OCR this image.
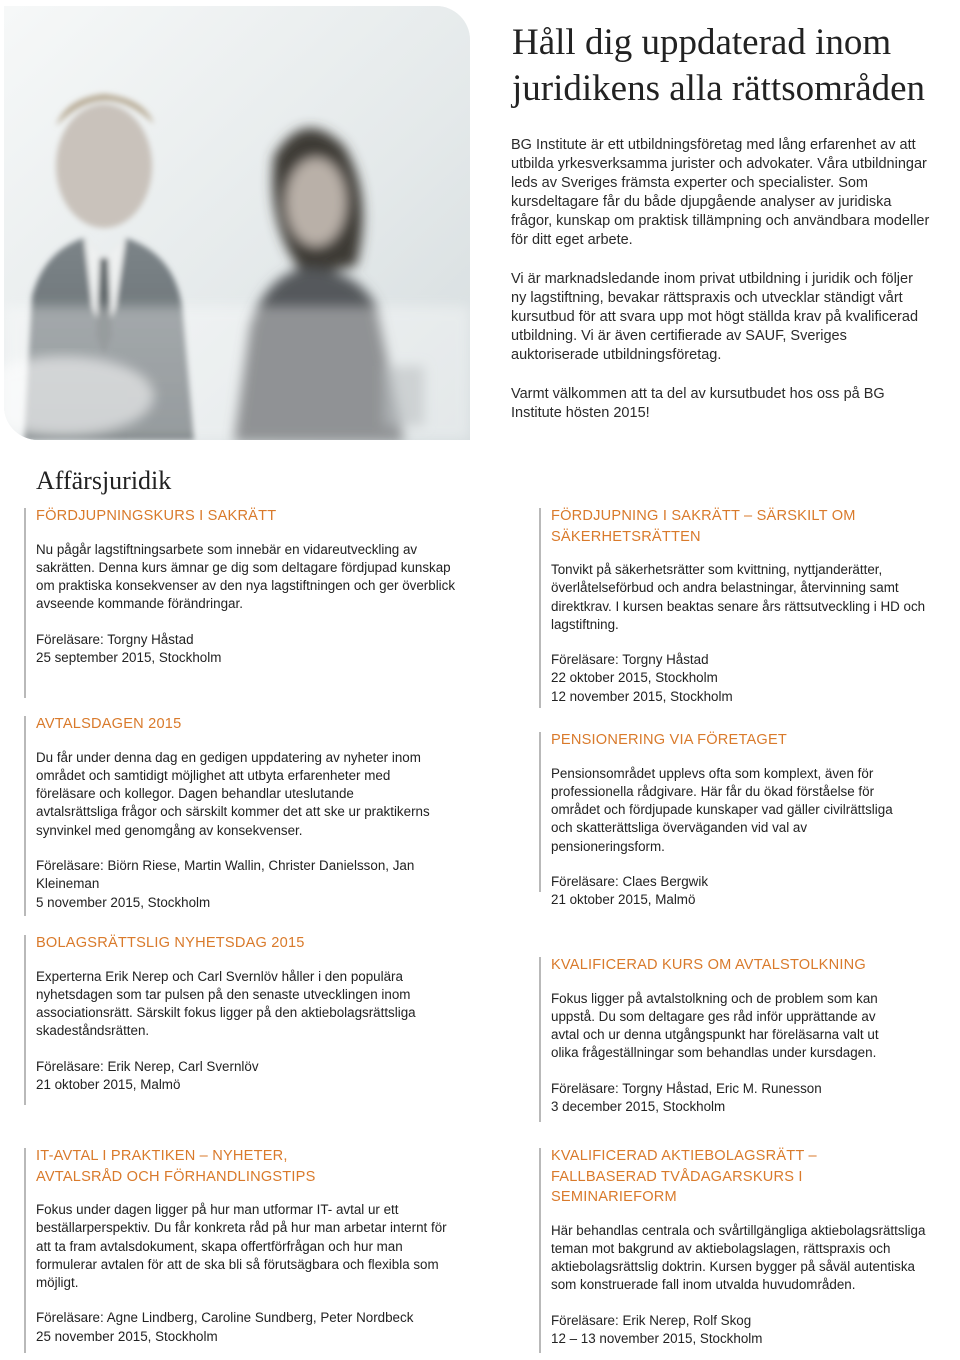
Håll dig uppdaterad inom juridikens alla rättsområden

BG Institute är ett utbildningsföretag med lång erfarenhet av att utbilda yrkesverksamma jurister och advokater. Våra utbildningar leds av Sveriges främsta experter och specialister. Som kursdeltagare får du både djupgående analyser av juridiska frågor, kunskap om praktisk tillämpning och användbara modeller för ditt eget arbete.

Vi är marknadsledande inom privat utbildning i juridik och följer ny lagstiftning, bevakar rättspraxis och utvecklar ständigt vårt kursutbud för att svara upp mot högt ställda krav på kvalificerad utbildning. Vi är även certifierade av SAUF, Sveriges auktoriserade utbildningsföretag.

Varmt välkommen att ta del av kursutbudet hos oss på BG Institute hösten 2015!

Affärsjuridik
FÖRDJUPNINGSKURS I SAKRÄTT

Nu pågår lagstiftningsarbete som innebär en vidareutveckling av sakrätten. Denna kurs ämnar ge dig som deltagare fördjupad kunskap om praktiska konsekvenser av den nya lagstiftningen och ger överblick avseende kommande förändringar.

Föreläsare: Torgny Håstad

25 september 2015, Stockholm

AVTALSDAGEN 2015

Du får under denna dag en gedigen uppdatering av nyheter inom området och samtidigt möjlighet att utbyta erfarenheter med föreläsare och kollegor. Dagen behandlar uteslutande avtalsrättsliga frågor och särskilt kommer det att ske ur praktikerns synvinkel med genomgång av konsekvenser.

Föreläsare: Biörn Riese, Martin Wallin, Christer Danielsson, Jan Kleineman

5 november 2015, Stockholm

BOLAGSRÄTTSLIG NYHETSDAG 2015

Experterna Erik Nerep och Carl Svernlöv håller i den populära nyhetsdagen som tar pulsen på den senaste utvecklingen inom associationsrätt. Särskilt fokus ligger på den aktiebolagsrättsliga skadeståndsrätten.

Föreläsare: Erik Nerep, Carl Svernlöv

21 oktober 2015, Malmö

IT-AVTAL I PRAKTIKEN – NYHETER, AVTALSRÅD OCH FÖRHANDLINGSTIPS

Fokus under dagen ligger på hur man utformar IT- avtal ur ett beställarperspektiv. Du får konkreta råd på hur man arbetar internt för att ta fram avtalsdokument, skapa offertförfrågan och hur man formulerar avtalen för att de ska bli så förutsägbara och flexibla som möjligt.

Föreläsare: Agne Lindberg, Caroline Sundberg, Peter Nordbeck

25 november 2015, Stockholm

FÖRDJUPNING I SAKRÄTT – SÄRSKILT OM SÄKERHETSRÄTTEN

Tonvikt på säkerhetsrätter som kvittning, nyttjanderätter, överlåtelseförbud och andra belastningar, återvinning samt direktkrav. I kursen beaktas senare års rättsutveckling i HD och lagstiftning.

Föreläsare: Torgny Håstad

22 oktober 2015, Stockholm
12 november 2015, Stockholm

PENSIONERING VIA FÖRETAGET

Pensionsområdet upplevs ofta som komplext, även för professionella rådgivare. Här får du ökad förståelse för området och fördjupade kunskaper vad gäller civilrättsliga och skatterättsliga överväganden vid val av pensioneringsform.

Föreläsare: Claes Bergwik

21 oktober 2015, Malmö

KVALIFICERAD KURS OM AVTALSTOLKNING

Fokus ligger på avtalstolkning och de problem som kan uppstå. Du som deltagare ges råd inför upprättande av avtal och ur denna utgångspunkt har föreläsarna valt ut olika frågeställningar som behandlas under kursdagen.

Föreläsare: Torgny Håstad, Eric M. Runesson

3 december 2015, Stockholm

KVALIFICERAD AKTIEBOLAGSRÄTT – FALLBASERAD TVÅDAGARSKURS I SEMINARIEFORM

Här behandlas centrala och svårtillgängliga aktiebolagsrättsliga teman mot bakgrund av aktiebolagslagen, rättspraxis och aktiebolagsrättslig doktrin. Kursen bygger på såväl autentiska som konstruerade fall inom utvalda huvudområden.

Föreläsare: Erik Nerep, Rolf Skog

12 – 13 november 2015, Stockholm
